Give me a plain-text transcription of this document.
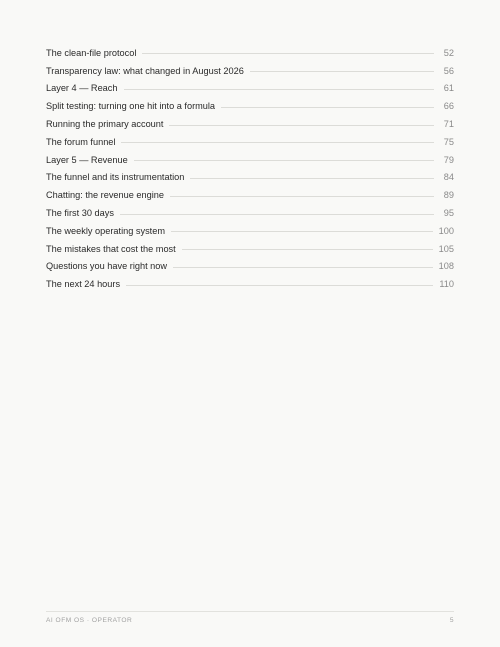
The clean-file protocol	52
Transparency law: what changed in August 2026	56
Layer 4 — Reach	61
Split testing: turning one hit into a formula	66
Running the primary account	71
The forum funnel	75
Layer 5 — Revenue	79
The funnel and its instrumentation	84
Chatting: the revenue engine	89
The first 30 days	95
The weekly operating system	100
The mistakes that cost the most	105
Questions you have right now	108
The next 24 hours	110
AI OFM OS · OPERATOR	5
